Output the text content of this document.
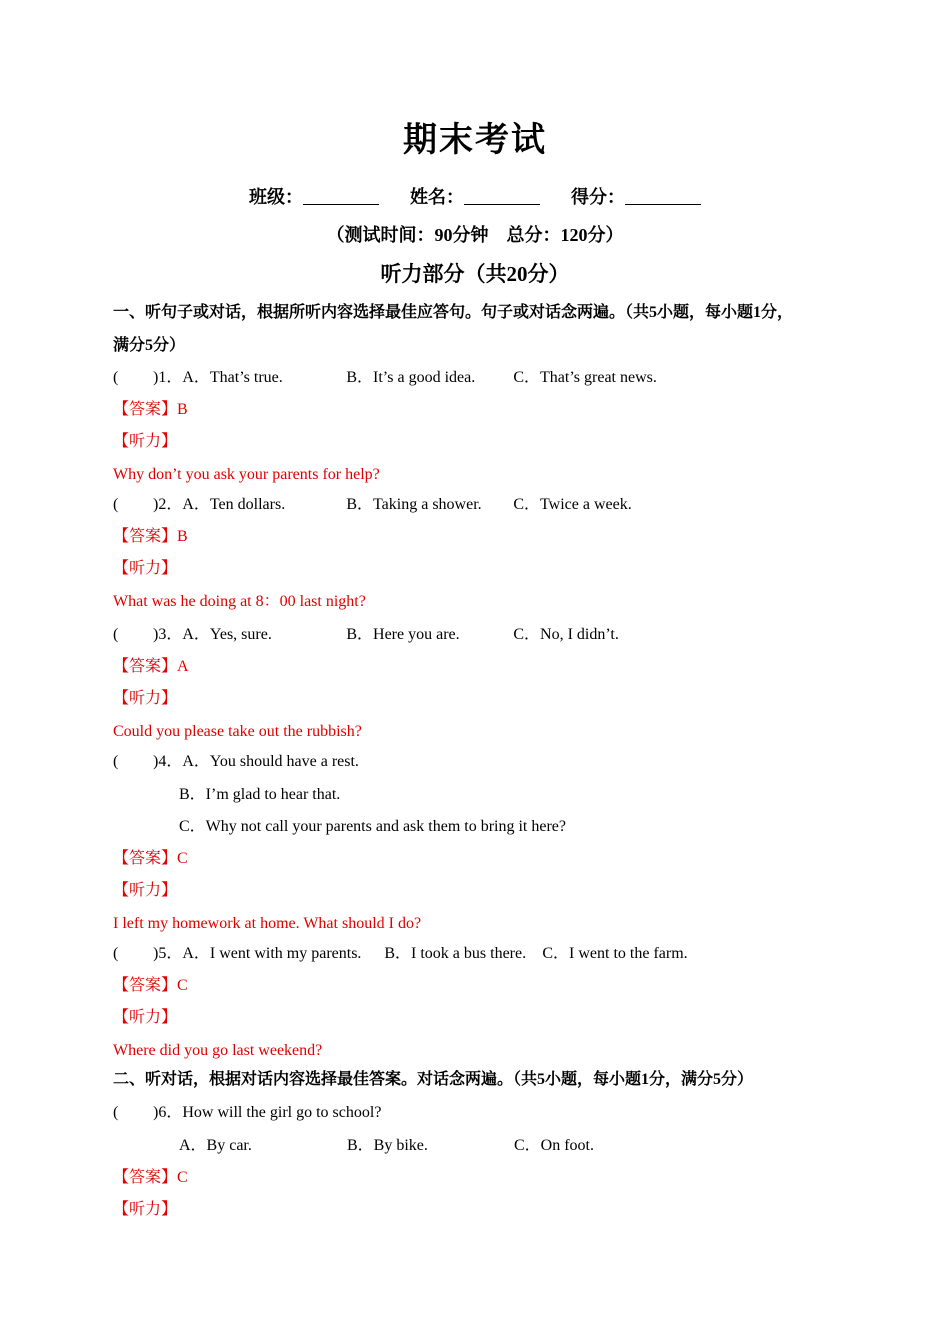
期末考试
班级：	姓名：	得分：
（测试时间：90分钟　总分：120分）
听力部分（共20分）
一、听句子或对话，根据所听内容选择最佳应答句。句子或对话念两遍。（共5小题，每小题1分，
满分5分）
( )1．A．That’s true.	B．It’s a good idea. C．That’s great news.
【答案】B
【听力】
Why don’t you ask your parents for help?
( )2．A．Ten dollars.	B．Taking a shower. C．Twice a week.
【答案】B
【听力】
What was he doing at 8：00 last night?
( )3．A．Yes, sure.	B．Here you are.	C．No, I didn’t.
【答案】A
【听力】
Could you please take out the rubbish?
( )4．A．You should have a rest.
B．I’m glad to hear that.
C．Why not call your parents and ask them to bring it here?
【答案】C
【听力】
I left my homework at home. What should I do?
( )5．A．I went with my parents. B．I took a bus there. C．I went to the farm.
【答案】C
【听力】
Where did you go last weekend?
二、听对话，根据对话内容选择最佳答案。对话念两遍。（共5小题，每小题1分，满分5分）
( )6．How will the girl go to school?
A．By car.	B．By bike.	C．On foot.
【答案】C
【听力】
